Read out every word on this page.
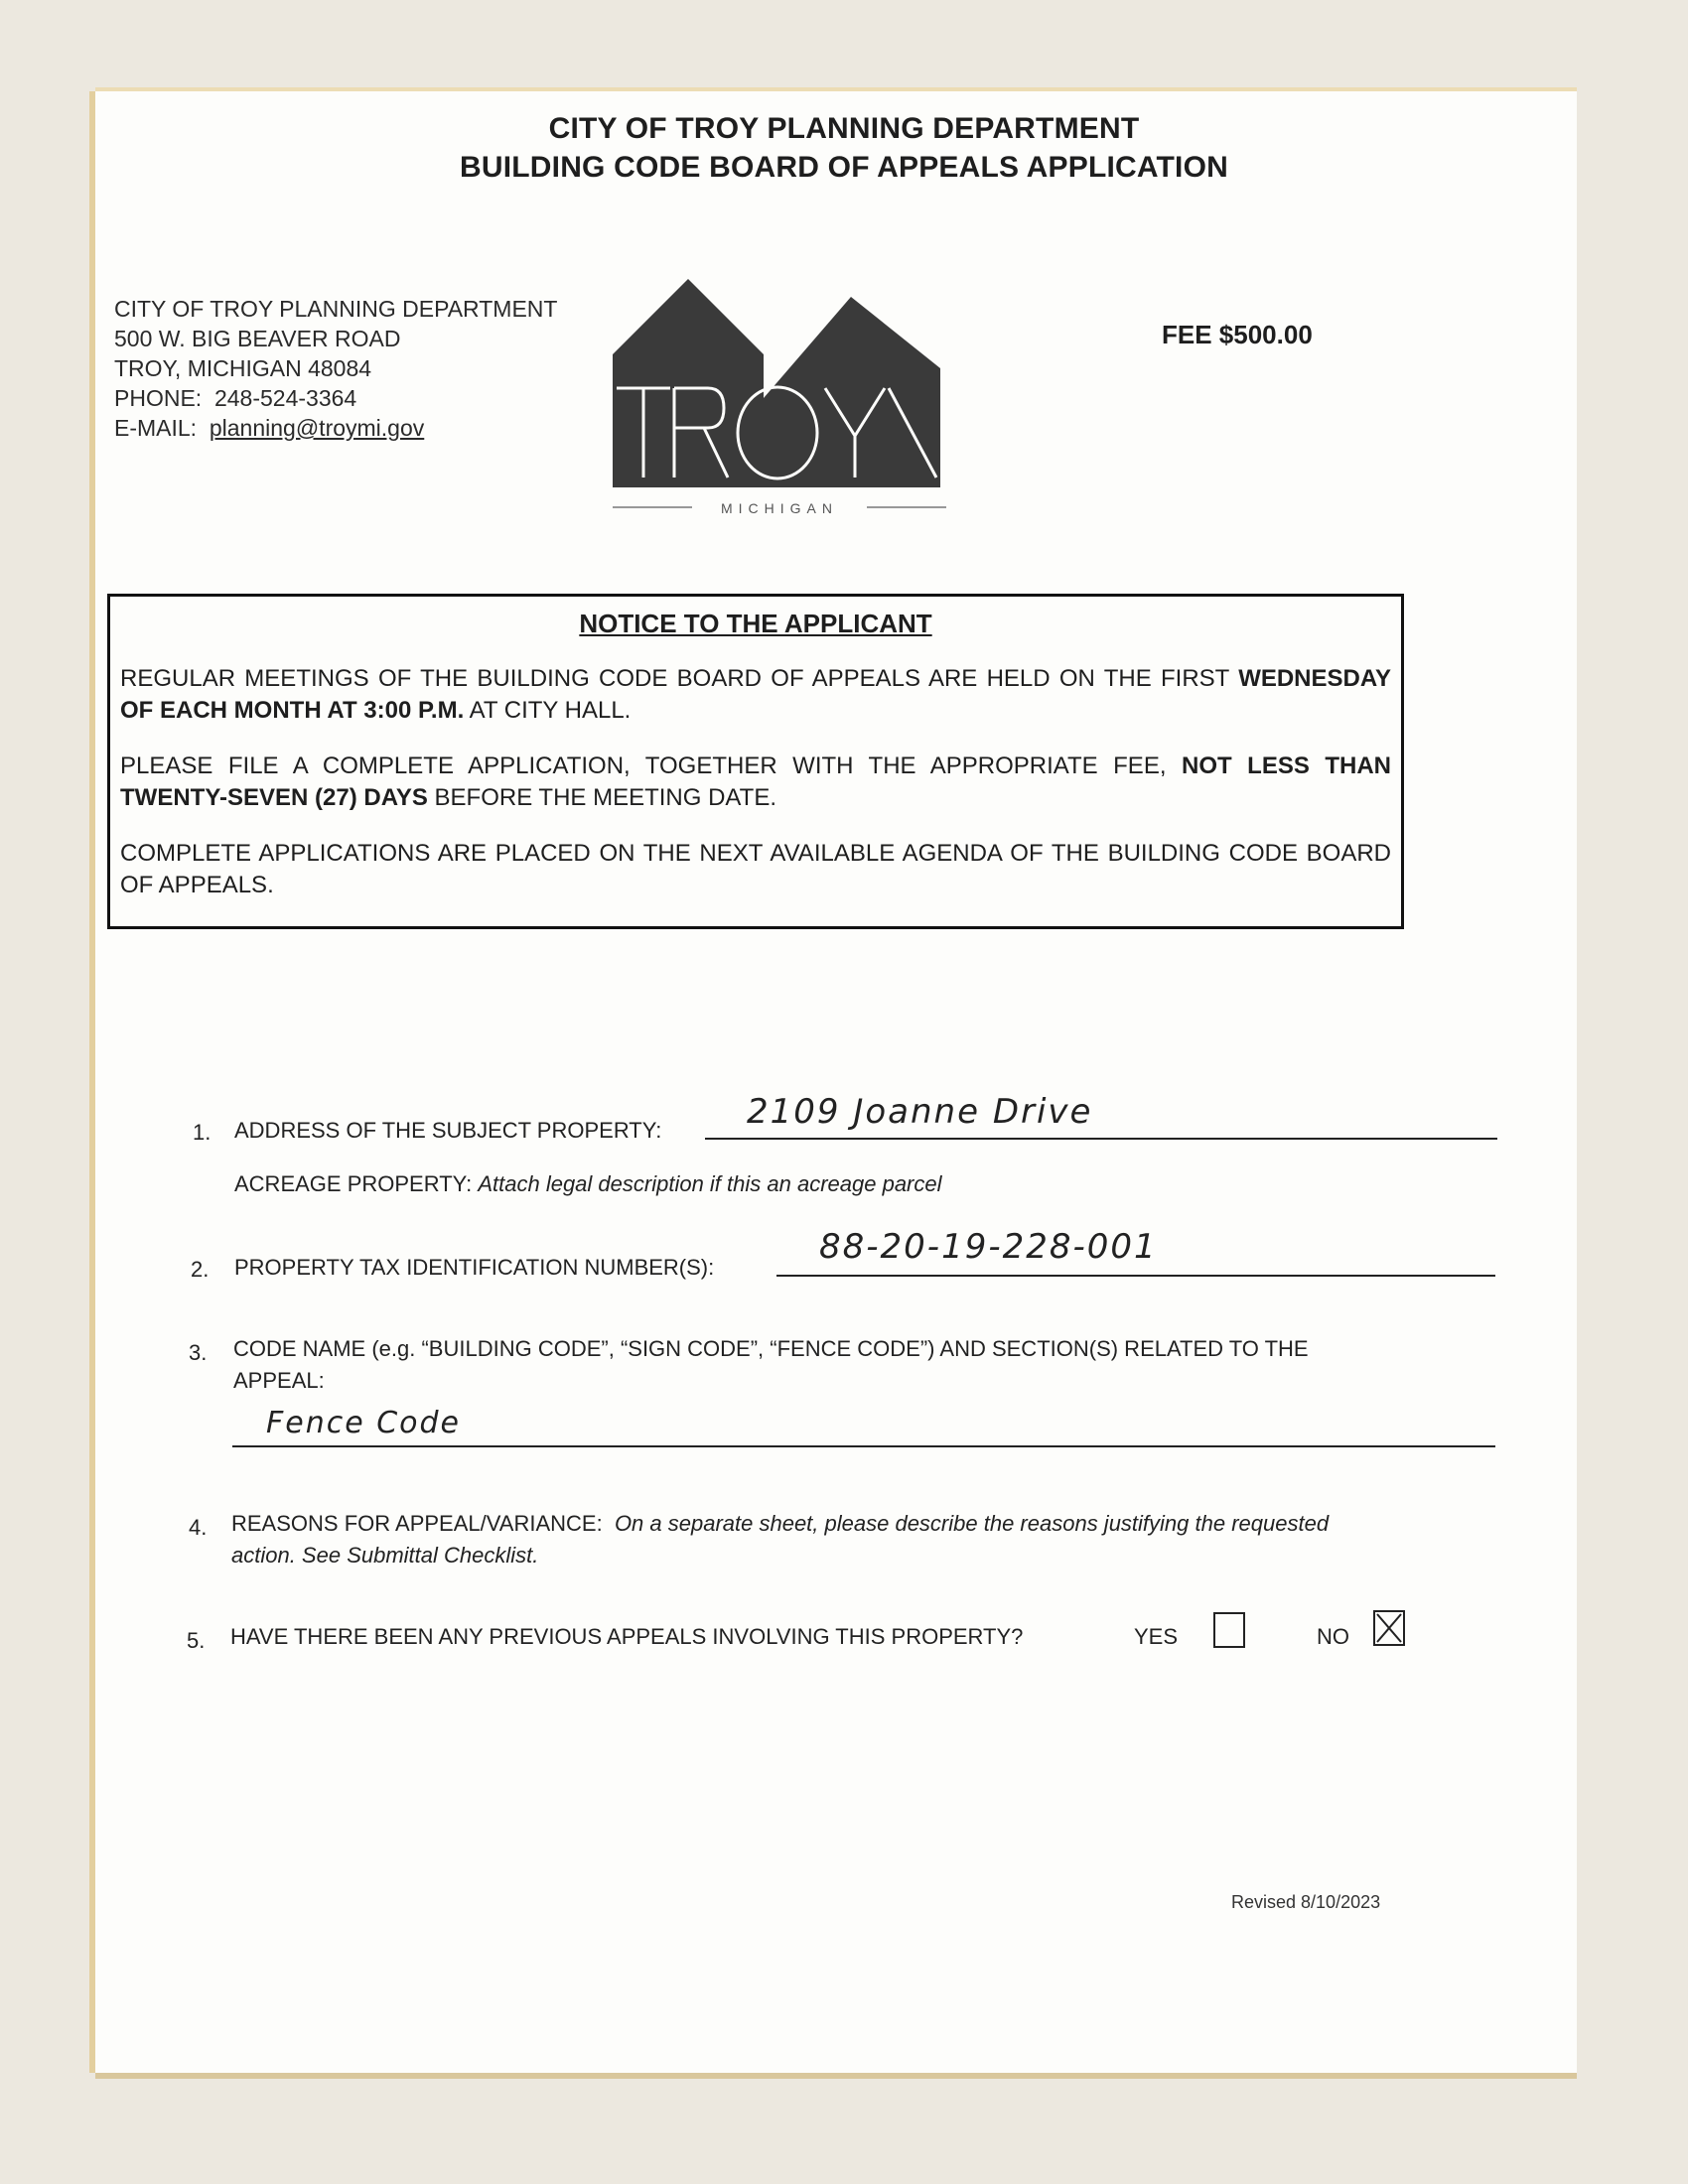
CITY OF TROY PLANNING DEPARTMENT
BUILDING CODE BOARD OF APPEALS APPLICATION
CITY OF TROY PLANNING DEPARTMENT
500 W. BIG BEAVER ROAD
TROY, MICHIGAN 48084
PHONE: 248-524-3364
E-MAIL: planning@troymi.gov
MICHIGAN
FEE $500.00
NOTICE TO THE APPLICANT

REGULAR MEETINGS OF THE BUILDING CODE BOARD OF APPEALS ARE HELD ON THE FIRST WEDNESDAY OF EACH MONTH AT 3:00 P.M. AT CITY HALL.

PLEASE FILE A COMPLETE APPLICATION, TOGETHER WITH THE APPROPRIATE FEE, NOT LESS THAN TWENTY-SEVEN (27) DAYS BEFORE THE MEETING DATE.

COMPLETE APPLICATIONS ARE PLACED ON THE NEXT AVAILABLE AGENDA OF THE BUILDING CODE BOARD OF APPEALS.

1. ADDRESS OF THE SUBJECT PROPERTY:	2109 Joanne Drive
ACREAGE PROPERTY: Attach legal description if this an acreage parcel
2. PROPERTY TAX IDENTIFICATION NUMBER(S):
88-20-19-228-001
3. CODE NAME (e.g. “BUILDING CODE”, “SIGN CODE”, “FENCE CODE”) AND SECTION(S) RELATED TO THE
APPEAL:
Fence Code
4. REASONS FOR APPEAL/VARIANCE: On a separate sheet, please describe the reasons justifying the requested
action. See Submittal Checklist.
5. HAVE THERE BEEN ANY PREVIOUS APPEALS INVOLVING THIS PROPERTY?	YES	NO
Revised 8/10/2023
